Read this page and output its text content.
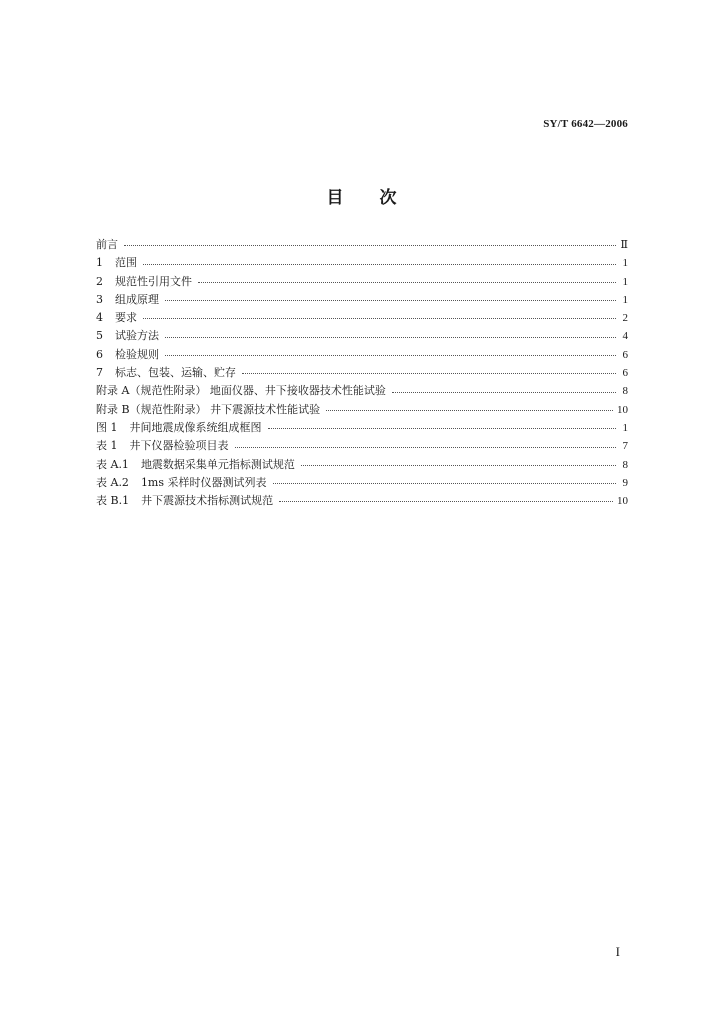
SY/T 6642—2006
目 次
前言	Ⅱ
1	范围	1
2	规范性引用文件	1
3	组成原理	1
4	要求	2
5	试验方法	4
6	检验规则	6
7	标志、包装、运输、贮存	6
附录 A（规范性附录） 地面仪器、井下接收器技术性能试验	8
附录 B（规范性附录） 井下震源技术性能试验	10
图 1 井间地震成像系统组成框图	1
表 1 井下仪器检验项目表	7
表 A.1 地震数据采集单元指标测试规范	8
表 A.2 1ms 采样时仪器测试列表	9
表 B.1 井下震源技术指标测试规范	10
I
